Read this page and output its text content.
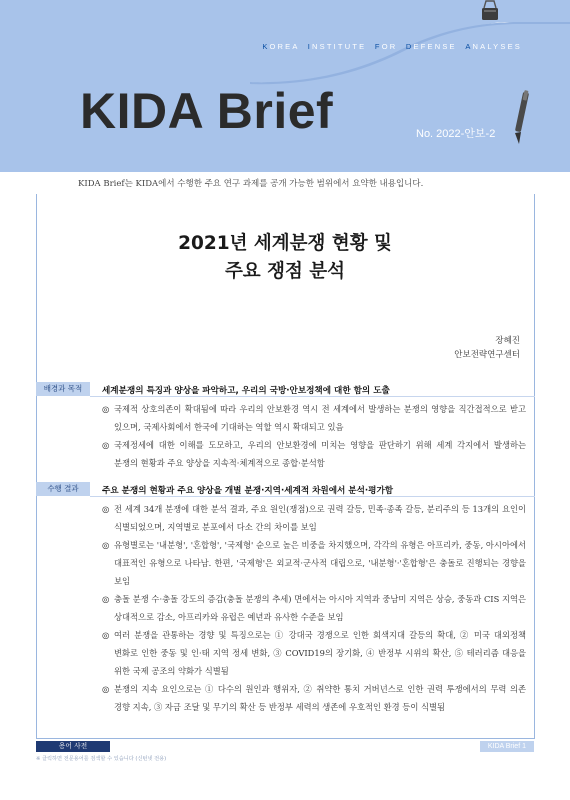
KOREA INSTITUTE FOR DEFENSE ANALYSES
KIDA Brief	No. 2022-안보-2
KIDA Brief는 KIDA에서 수행한 주요 연구 과제를 공개 가능한 범위에서 요약한 내용입니다.
2021년 세계분쟁 현황 및
주요 쟁점 분석
장혜진
안보전략연구센터
배경과 목적	세계분쟁의 특징과 양상을 파악하고, 우리의 국방·안보정책에 대한 함의 도출
◎ 국제적 상호의존이 확대됨에 따라 우리의 안보환경 역시 전 세계에서 발생하는 분쟁의 영향을 직간접적으로 받고 있으며, 국제사회에서 한국에 기대하는 역할 역시 확대되고 있음
◎ 국제정세에 대한 이해를 도모하고, 우리의 안보환경에 미치는 영향을 판단하기 위해 세계 각지에서 발생하는 분쟁의 현황과 주요 양상을 지속적·체계적으로 종합·분석함
수행 결과	주요 분쟁의 현황과 주요 양상을 개별 분쟁·지역·세계적 차원에서 분석·평가함
◎ 전 세계 34개 분쟁에 대한 분석 결과, 주요 원인(쟁점)으로 권력 갈등, 민족·종족 갈등, 분리주의 등 13개의 요인이 식별되었으며, 지역별로 분포에서 다소 간의 차이를 보임
◎ 유형별로는 '내분형', '혼합형', '국제형' 순으로 높은 비중을 차지했으며, 각각의 유형은 아프리카, 중동, 아시아에서 대표적인 유형으로 나타남. 한편, '국제형'은 외교적·군사적 대립으로, '내분형'·'혼합형'은 충돌로 진행되는 경향을 보임
◎ 충돌 분쟁 수·충돌 강도의 증감(충돌 분쟁의 추세) 면에서는 아시아 지역과 중남미 지역은 상승, 중동과 CIS 지역은 상대적으로 감소, 아프리카와 유럽은 예년과 유사한 수준을 보임
◎ 여러 분쟁을 관통하는 경향 및 특징으로는 ① 강대국 경쟁으로 인한 회색지대 갈등의 확대, ② 미국 대외정책 변화로 인한 중동 및 인·태 지역 정세 변화, ③ COVID19의 장기화, ④ 반정부 시위의 확산, ⑤ 테러리즘 대응을 위한 국제 공조의 약화가 식별됨
◎ 분쟁의 지속 요인으로는 ① 다수의 원인과 행위자, ② 취약한 통치 거버넌스로 인한 권력 투쟁에서의 무력 의존 경향 지속, ③ 자금 조달 및 무기의 확산 등 반정부 세력의 생존에 우호적인 환경 등이 식별됨
용어 사전
※ 클릭하면 전문용어를 검색할 수 있습니다 (신턴넷 전용)
KIDA Brief 1
